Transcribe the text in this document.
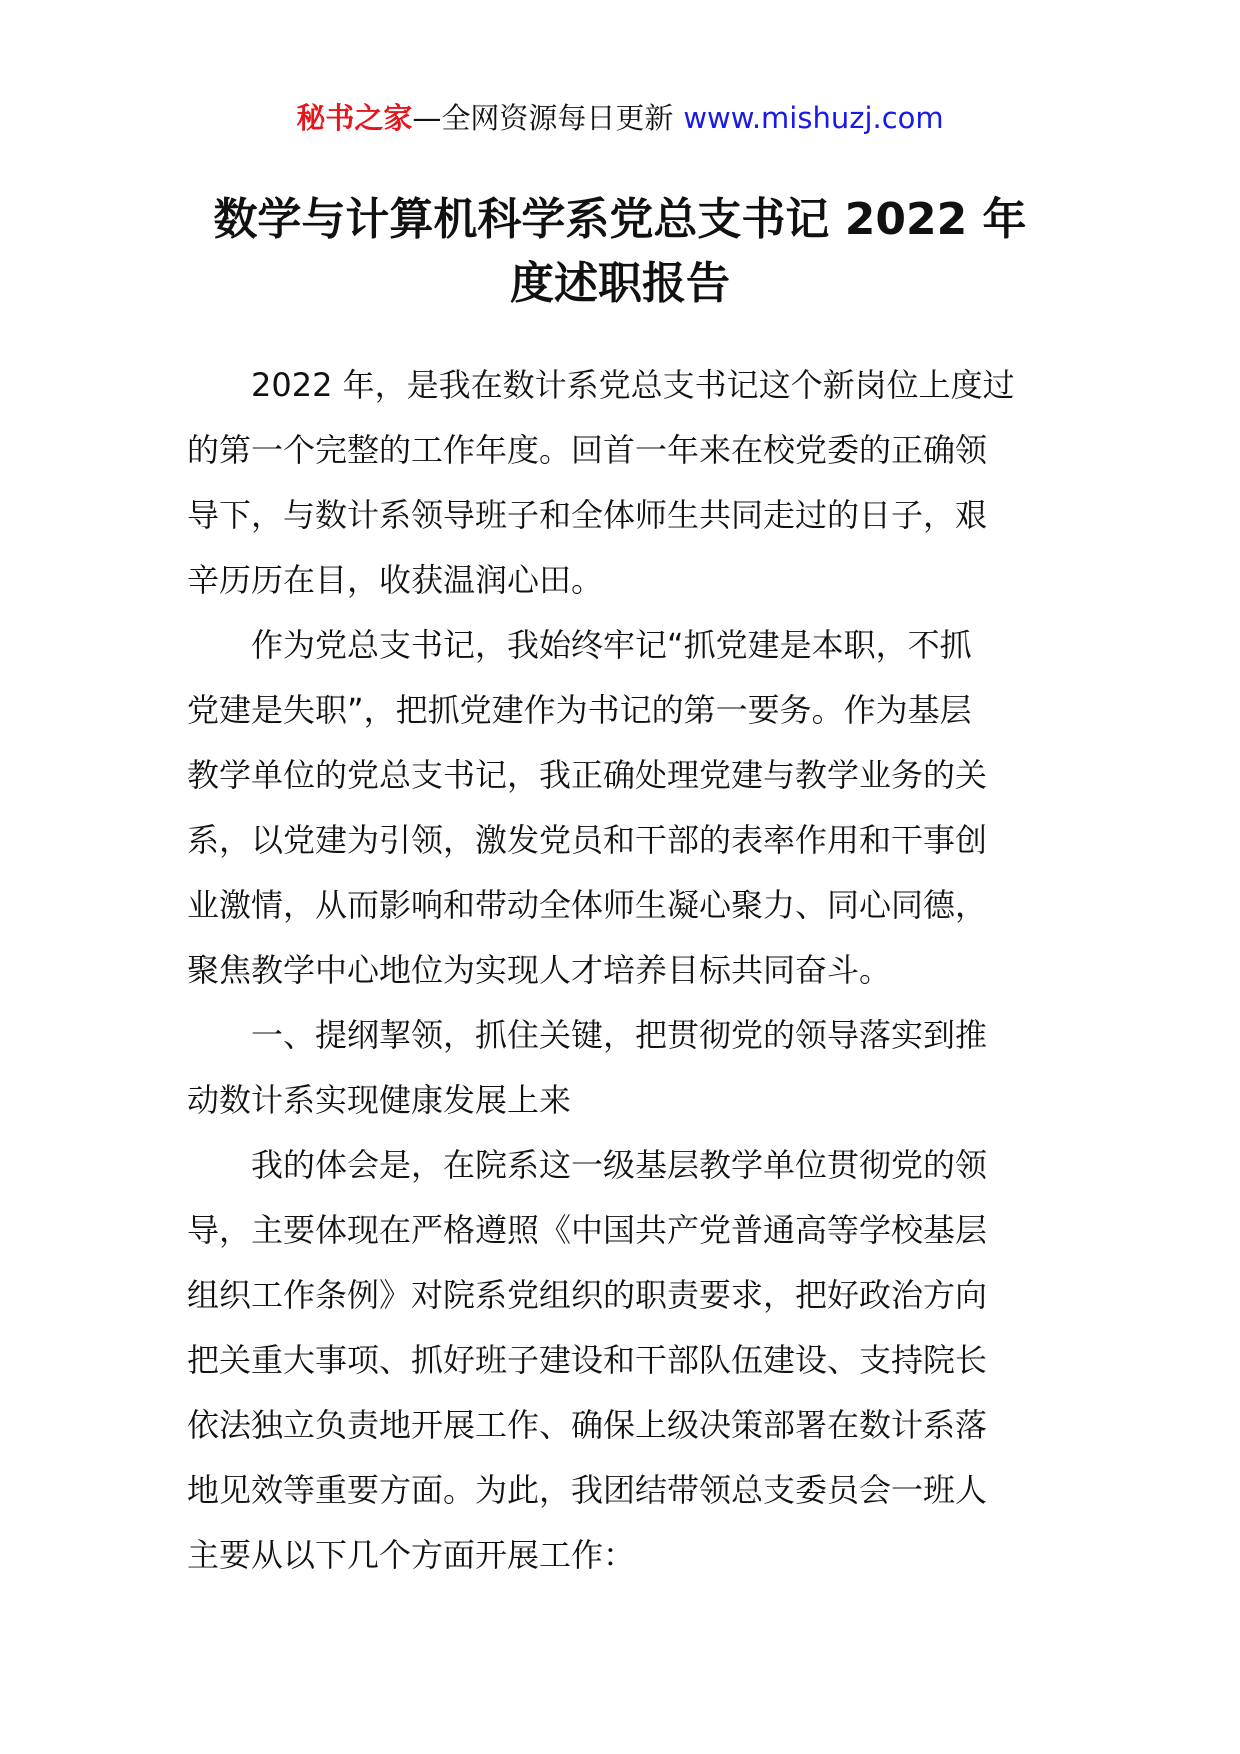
秘书之家—全网资源每日更新 www.mishuzj.com
数学与计算机科学系党总支书记 2022 年
度述职报告

2022 年，是我在数计系党总支书记这个新岗位上度过
的第一个完整的工作年度。回首一年来在校党委的正确领
导下，与数计系领导班子和全体师生共同走过的日子，艰
辛历历在目，收获温润心田。

作为党总支书记，我始终牢记“抓党建是本职，不抓
党建是失职”，把抓党建作为书记的第一要务。作为基层
教学单位的党总支书记，我正确处理党建与教学业务的关
系，以党建为引领，激发党员和干部的表率作用和干事创
业激情，从而影响和带动全体师生凝心聚力、同心同德，
聚焦教学中心地位为实现人才培养目标共同奋斗。

一、提纲挈领，抓住关键，把贯彻党的领导落实到推
动数计系实现健康发展上来

我的体会是，在院系这一级基层教学单位贯彻党的领
导，主要体现在严格遵照《中国共产党普通高等学校基层
组织工作条例》对院系党组织的职责要求，把好政治方向
把关重大事项、抓好班子建设和干部队伍建设、支持院长
依法独立负责地开展工作、确保上级决策部署在数计系落
地见效等重要方面。为此，我团结带领总支委员会一班人
主要从以下几个方面开展工作：
